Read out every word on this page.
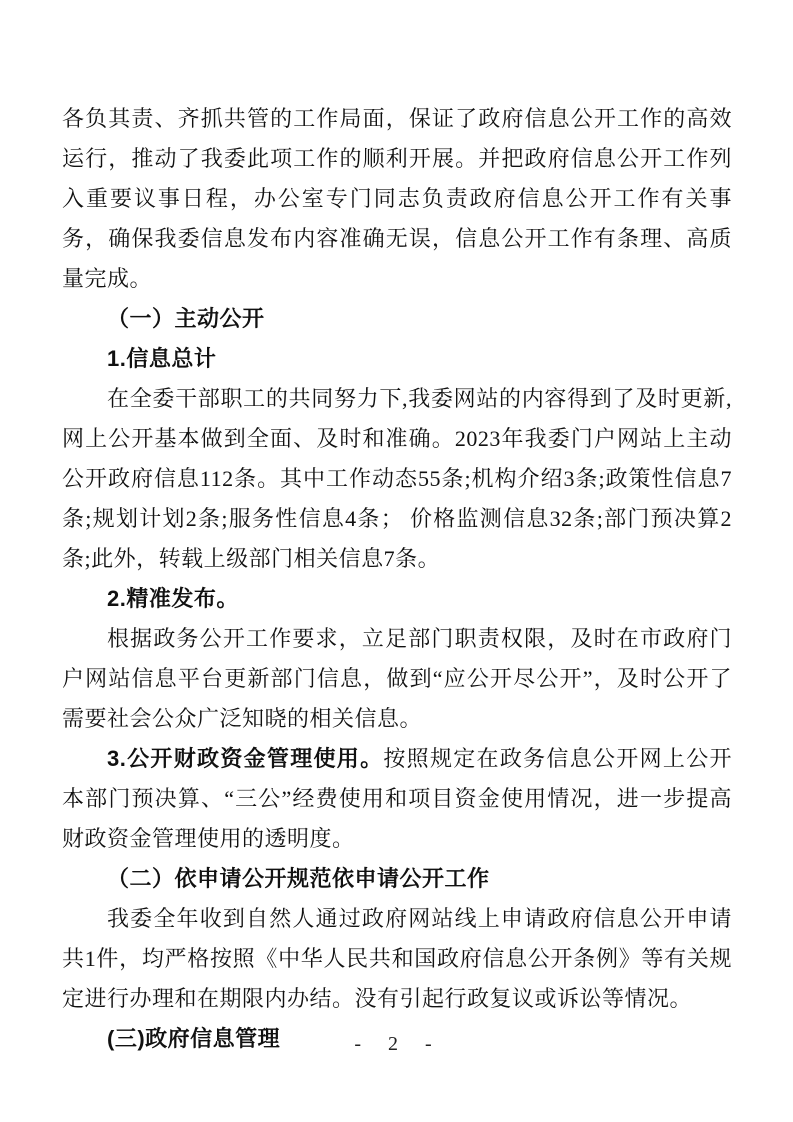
各负其责、齐抓共管的工作局面，保证了政府信息公开工作的高效运行，推动了我委此项工作的顺利开展。并把政府信息公开工作列入重要议事日程，办公室专门同志负责政府信息公开工作有关事务，确保我委信息发布内容准确无误，信息公开工作有条理、高质量完成。

（一）主动公开

1.信息总计

在全委干部职工的共同努力下,我委网站的内容得到了及时更新,网上公开基本做到全面、及时和准确。2023年我委门户网站上主动公开政府信息112条。其中工作动态55条;机构介绍3条;政策性信息7条;规划计划2条;服务性信息4条； 价格监测信息32条;部门预决算2条;此外，转载上级部门相关信息7条。

2.精准发布。

根据政务公开工作要求，立足部门职责权限，及时在市政府门户网站信息平台更新部门信息，做到“应公开尽公开”，及时公开了需要社会公众广泛知晓的相关信息。

3.公开财政资金管理使用。按照规定在政务信息公开网上公开本部门预决算、“三公”经费使用和项目资金使用情况，进一步提高财政资金管理使用的透明度。

（二）依申请公开规范依申请公开工作

我委全年收到自然人通过政府网站线上申请政府信息公开申请共1件，均严格按照《中华人民共和国政府信息公开条例》等有关规定进行办理和在期限内办结。没有引起行政复议或诉讼等情况。

(三)政府信息管理	- 2 -
